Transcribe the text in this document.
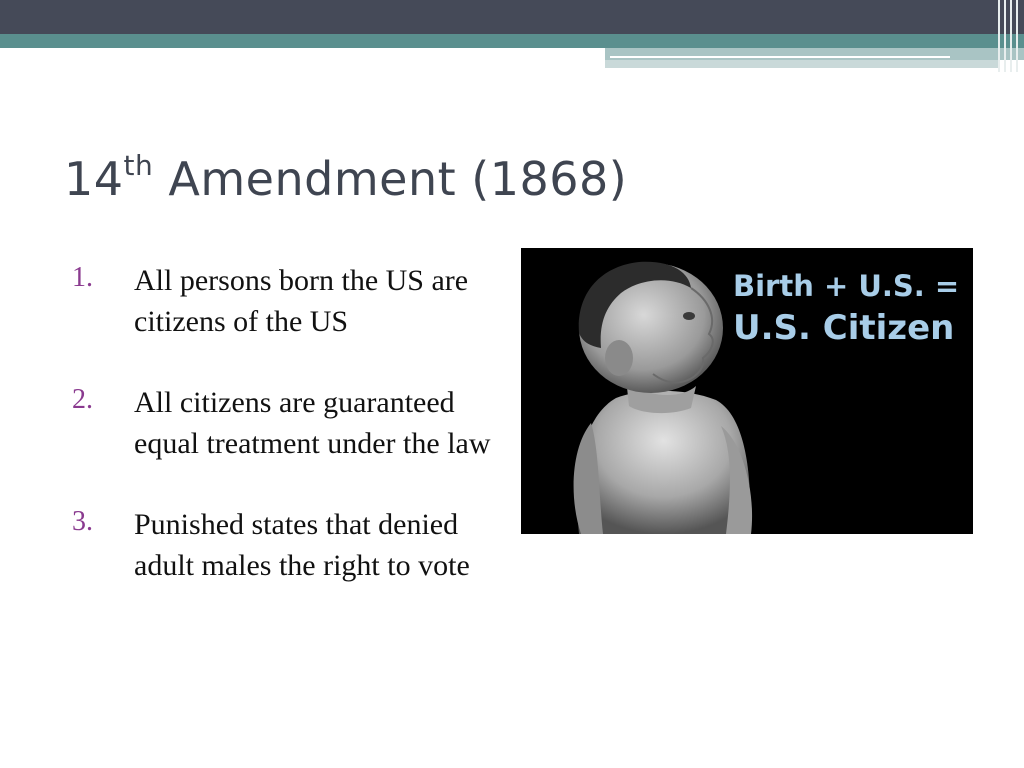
14th Amendment (1868)
1. All persons born the US are citizens of the US
2. All citizens are guaranteed equal treatment under the law
3. Punished states that denied adult males the right to vote
Birth + U.S. =
U.S. Citizen
